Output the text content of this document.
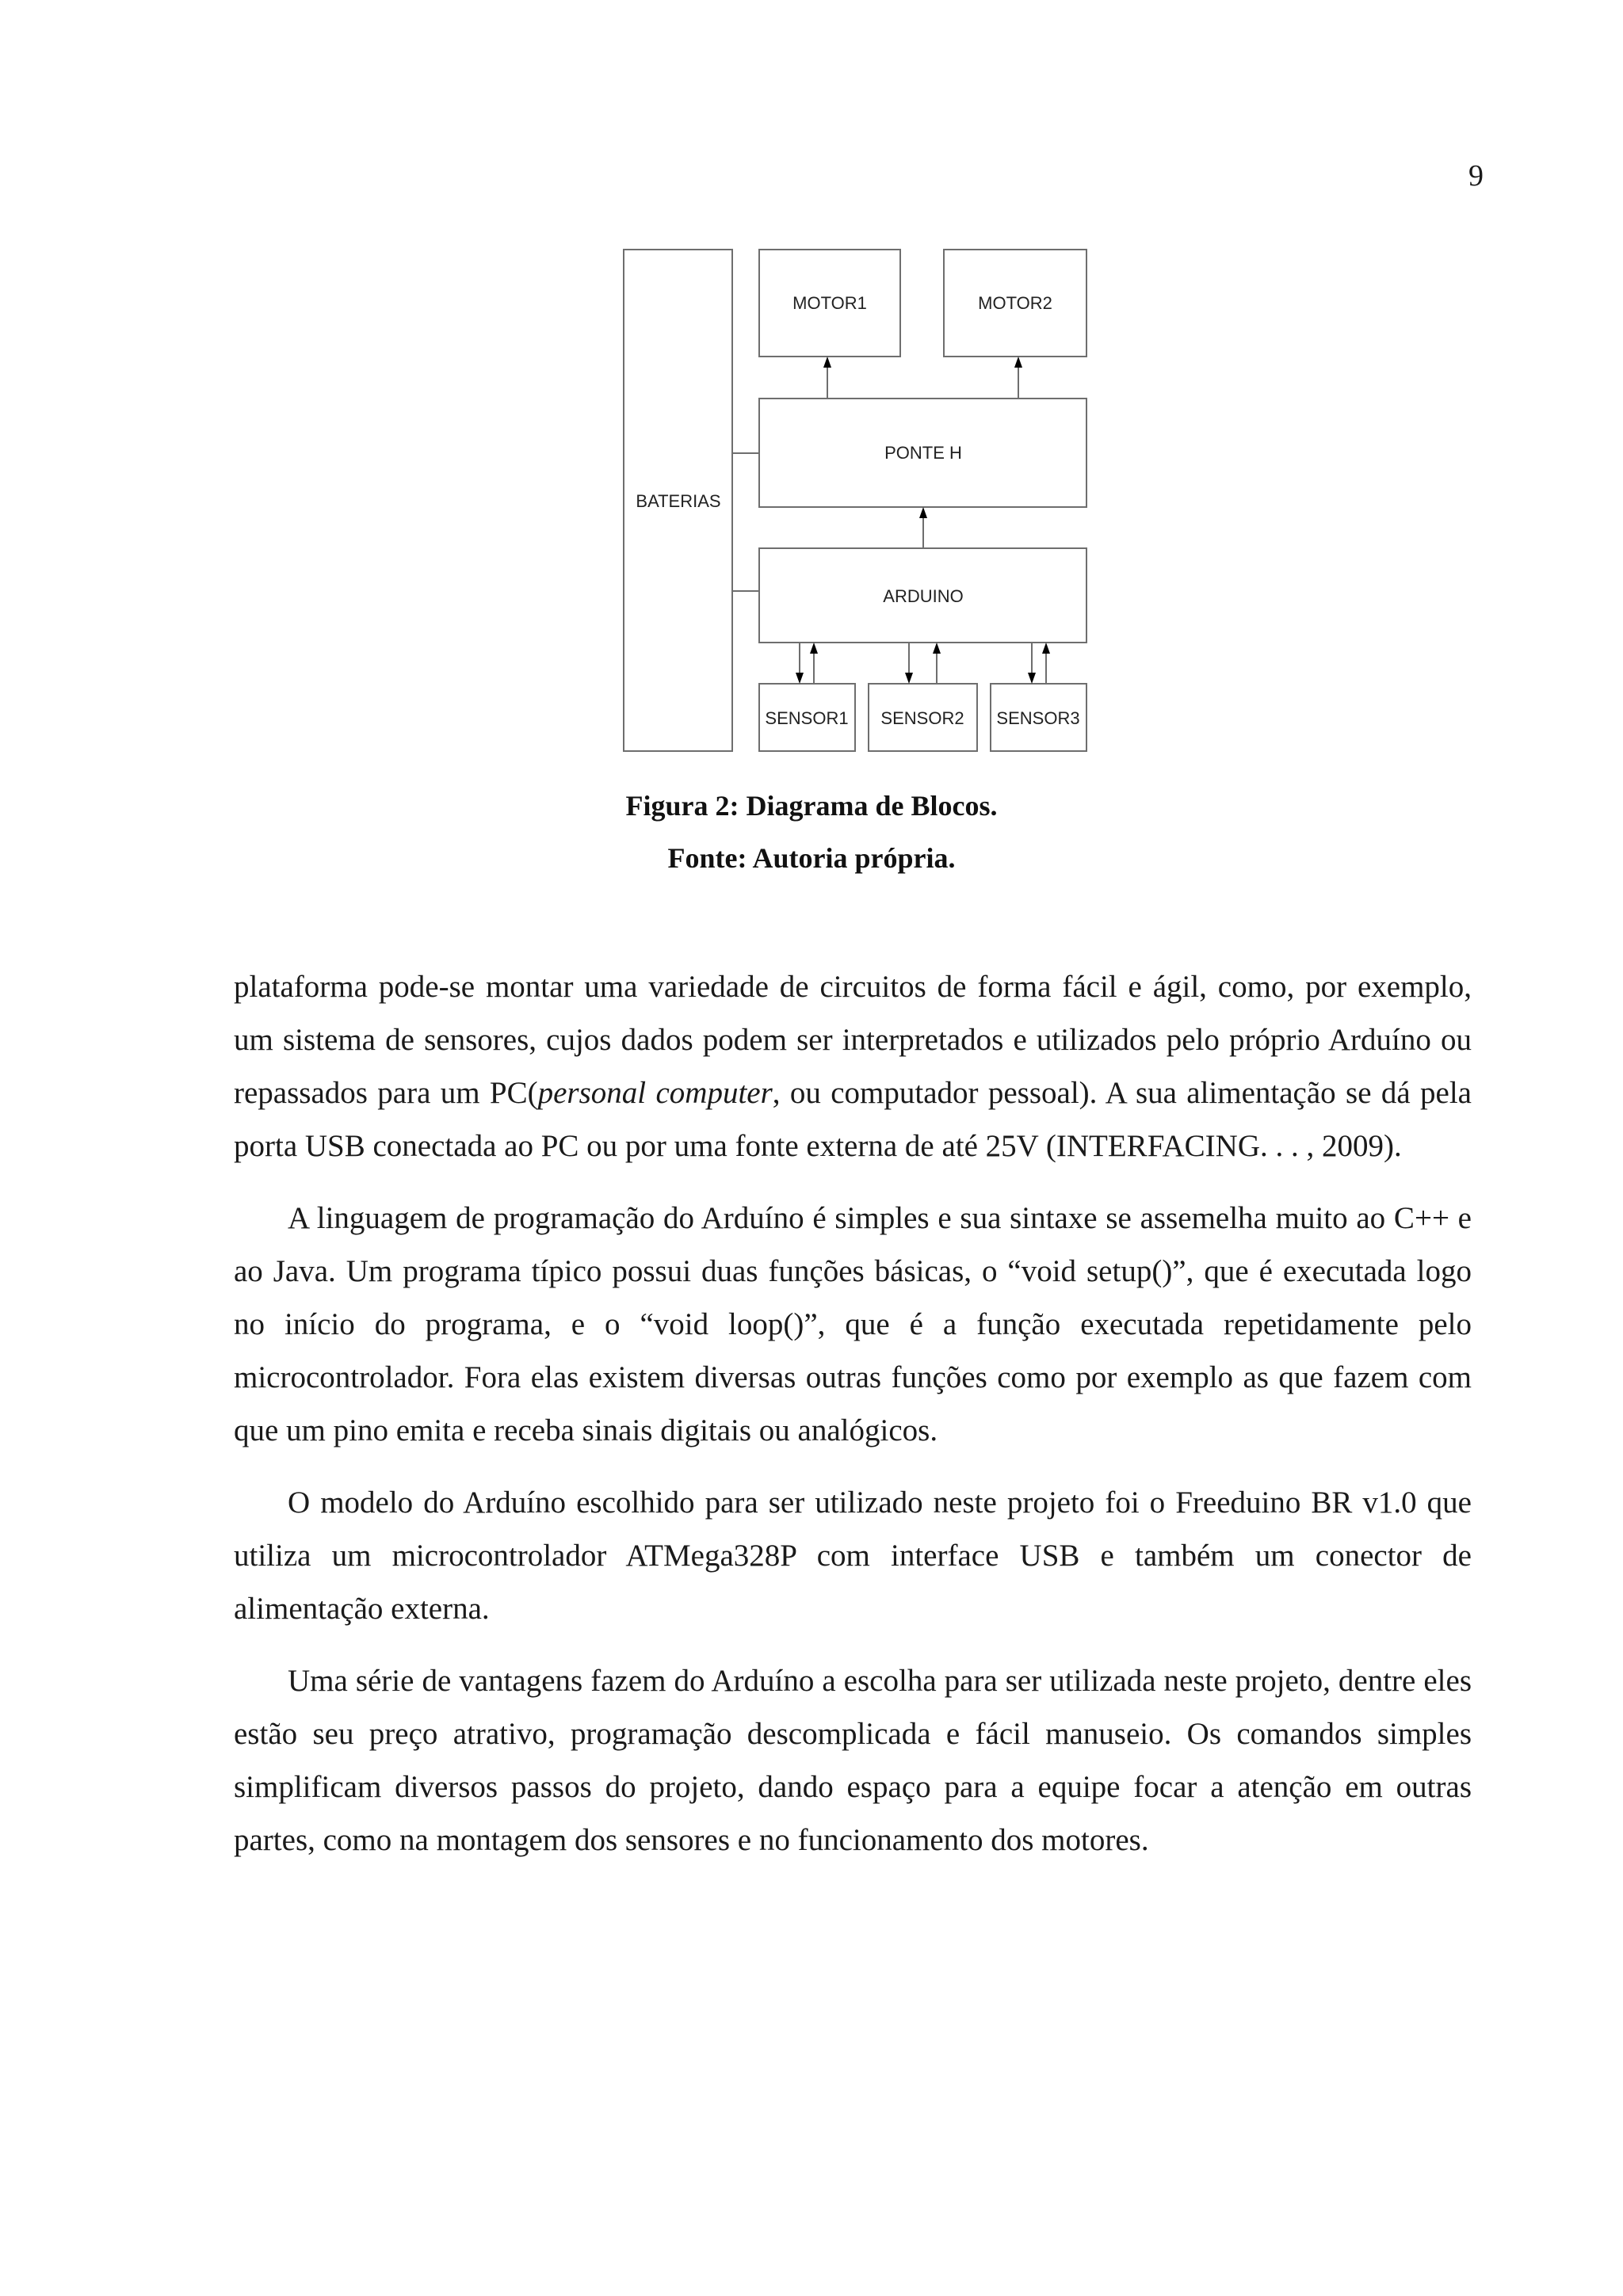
9
BATERIAS
MOTOR1	MOTOR2
PONTE H
ARDUINO
SENSOR1 SENSOR2 SENSOR3
Figura 2: Diagrama de Blocos.
Fonte: Autoria própria.

plataforma pode-se montar uma variedade de circuitos de forma fácil e ágil, como, por exemplo, um sistema de sensores, cujos dados podem ser interpretados e utilizados pelo próprio Arduíno ou repassados para um PC(personal computer, ou computador pessoal). A sua alimentação se dá pela porta USB conectada ao PC ou por uma fonte externa de até 25V (INTERFACING. . . , 2009).

A linguagem de programação do Arduíno é simples e sua sintaxe se assemelha muito ao C++ e ao Java. Um programa típico possui duas funções básicas, o “void setup()”, que é executada logo no início do programa, e o “void loop()”, que é a função executada repetidamente pelo microcontrolador. Fora elas existem diversas outras funções como por exemplo as que fazem com que um pino emita e receba sinais digitais ou analógicos.

O modelo do Arduíno escolhido para ser utilizado neste projeto foi o Freeduino BR v1.0 que utiliza um microcontrolador ATMega328P com interface USB e também um conector de alimentação externa.

Uma série de vantagens fazem do Arduíno a escolha para ser utilizada neste projeto, dentre eles estão seu preço atrativo, programação descomplicada e fácil manuseio. Os comandos simples simplificam diversos passos do projeto, dando espaço para a equipe focar a atenção em outras partes, como na montagem dos sensores e no funcionamento dos motores.
